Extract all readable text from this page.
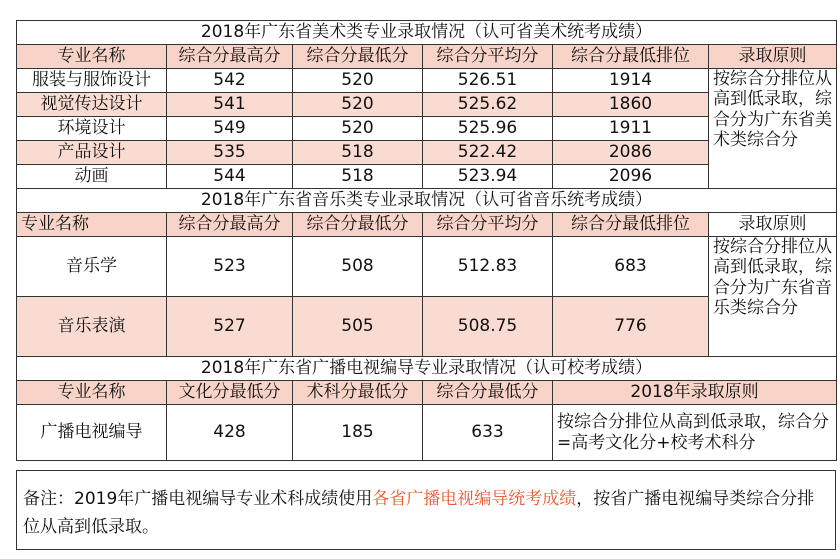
2018年广东省美术类专业录取情况（认可省美术统考成绩）					
专业名称	综合分最高分	综合分最低分	综合分平均分	综合分最低排位	录取原则
服装与服饰设计	542	520	526.51	1914	按综合分排位从高到低录取，综合分为广东省美术类综合分
视觉传达设计	541	520	525.62	1860	
环境设计	549	520	525.96	1911	
产品设计	535	518	522.42	2086	
动画	544	518	523.94	2096	
2018年广东省音乐类专业录取情况（认可省音乐统考成绩）					
专业名称	综合分最高分	综合分最低分	综合分平均分	综合分最低排位	录取原则
音乐学	523	508	512.83	683	按综合分排位从高到低录取，综合分为广东省音乐类综合分
音乐表演	527	505	508.75	776	
2018年广东省广播电视编导专业录取情况（认可校考成绩）					
专业名称	文化分最低分	术科分最低分	综合分最低分	2018年录取原则	
广播电视编导	428	185	633	按综合分排位从高到低录取，综合分=高考文化分+校考术科分	
备注：2019年广播电视编导专业术科成绩使用各省广播电视编导统考成绩，按省广播电视编导类综合分排位从高到低录取。
